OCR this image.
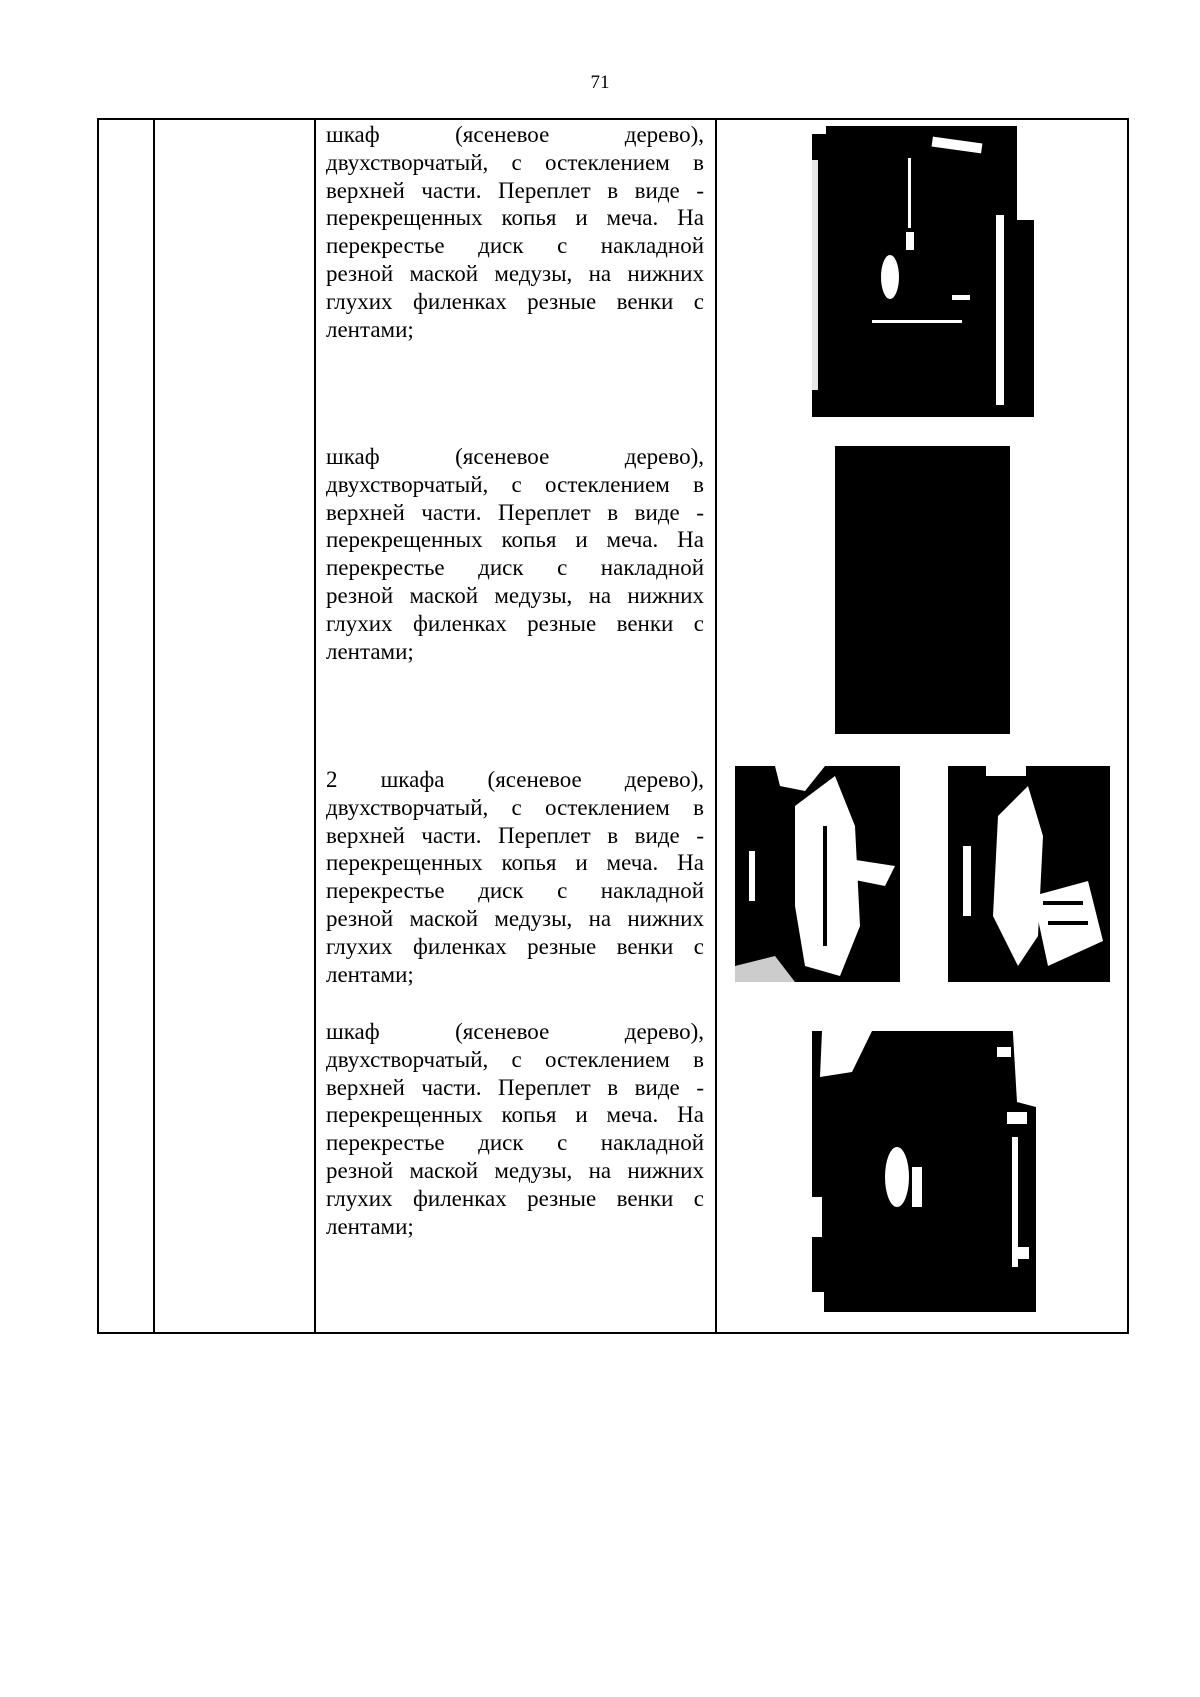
71
шкаф (ясеневое дерево),
двухстворчатый, с остеклением в
верхней части. Переплет в виде -
перекрещенных копья и меча. На
перекрестье диск с накладной
резной маской медузы, на нижних
глухих филенках резные венки с
лентами;
шкаф (ясеневое дерево),
двухстворчатый, с остеклением в
верхней части. Переплет в виде -
перекрещенных копья и меча. На
перекрестье диск с накладной
резной маской медузы, на нижних
глухих филенках резные венки с
лентами;
2 шкафа (ясеневое дерево),
двухстворчатый, с остеклением в
верхней части. Переплет в виде -
перекрещенных копья и меча. На
перекрестье диск с накладной
резной маской медузы, на нижних
глухих филенках резные венки с
лентами;
шкаф (ясеневое дерево),
двухстворчатый, с остеклением в
верхней части. Переплет в виде -
перекрещенных копья и меча. На
перекрестье диск с накладной
резной маской медузы, на нижних
глухих филенках резные венки с
лентами;
